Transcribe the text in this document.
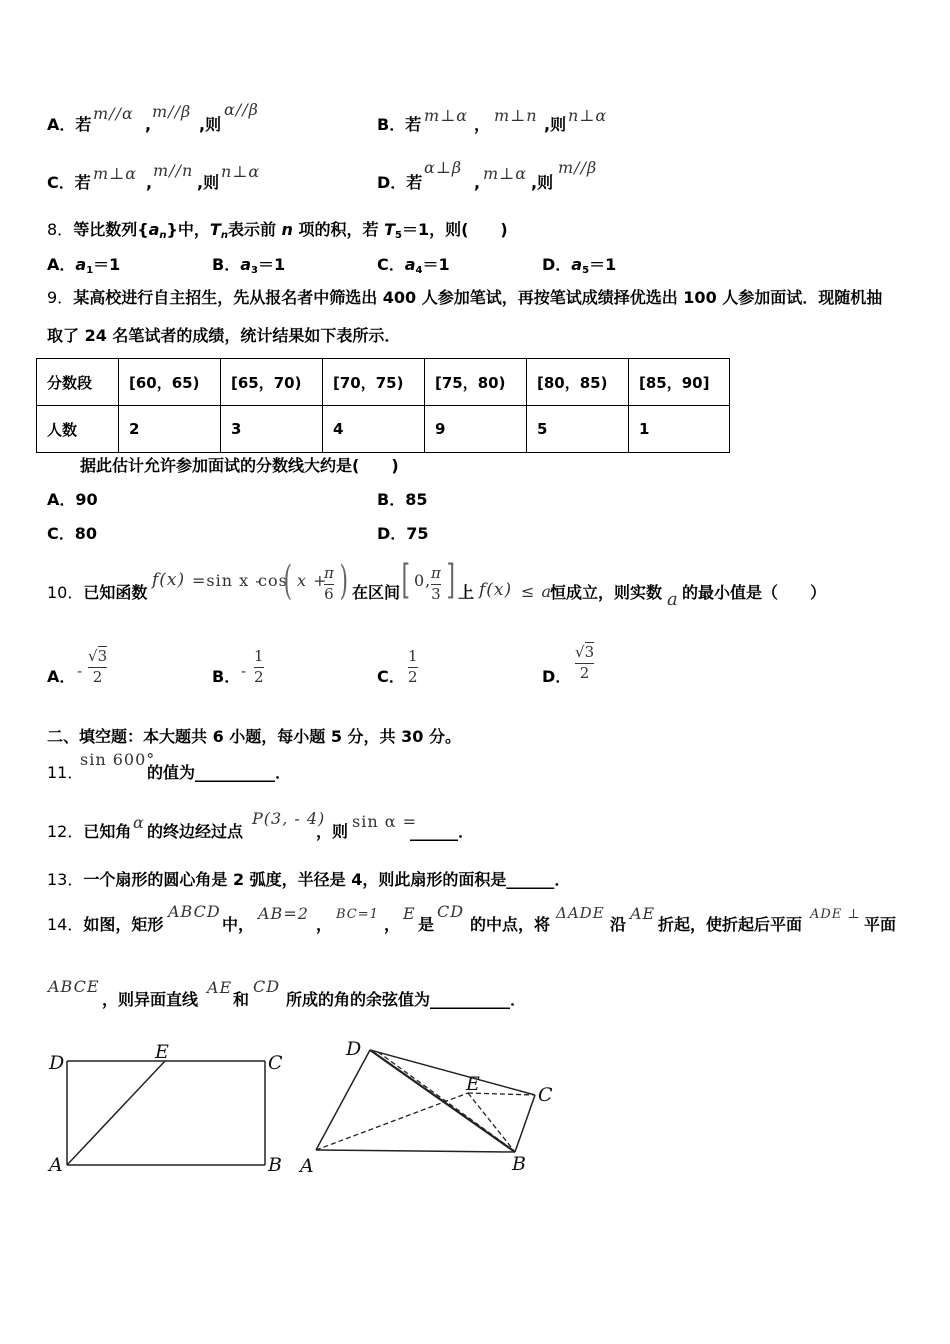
A．若
m//α
,
m//β
,则
α//β
B．若 m⊥α ， m⊥n ,则 n⊥α
C．若 m⊥α ,
m//n
,则
n⊥α
D．若
α⊥β
, m⊥α ,则
m//β
8．等比数列$\{a_n\}$中，$T_n$表示前 n 项的积，若 $T_5=1$，则(　　)
A．$a_1=1$	B．$a_3=1$	C．$a_4=1$	D．$a_5=1$
9．某高校进行自主招生，先从报名者中筛选出 400 人参加笔试，再按笔试成绩择优选出 100 人参加面试．现随机抽
取了 24 名笔试者的成绩，统计结果如下表所示．
分数段	[60，65)	[65，70)	[70，75)	[75，80)	[80，85)	[85，90]
人数	2	3	4	9	5	1
据此估计允许参加面试的分数线大约是(　　)
A．90	B．85
C．80	D．75
10．已知函数
f(x) =sin x -
cos
( x +
π
6 ) 在区间 [ 0, π
3 ] 上 f(x) ≤ a
恒成立，则实数 a 的最小值是（　　）
A． -
√3
2	B． -
1
2	C．
1
2	D．
√3
2
二、填空题：本大题共 6 小题，每小题 5 分，共 30 分。
11．
sin 600°
的值为__________．
12．已知角 α 的终边经过点
P(3, - 4)
，则
sin α =
______．
13．一个扇形的圆心角是 2 弧度，半径是 4，则此扇形的面积是______．
14．如图，矩形
ABCD
中，
AB=2
，
BC=1
，
E
是
CD
的中点，将
ΔADE
沿
AE
折起，使折起后平面
ADE ⊥
平面
ABCE
，则异面直线
AE
和
CD
所成的角的余弦值为__________．
D	E	C
A	B
D
E	C
A	B
